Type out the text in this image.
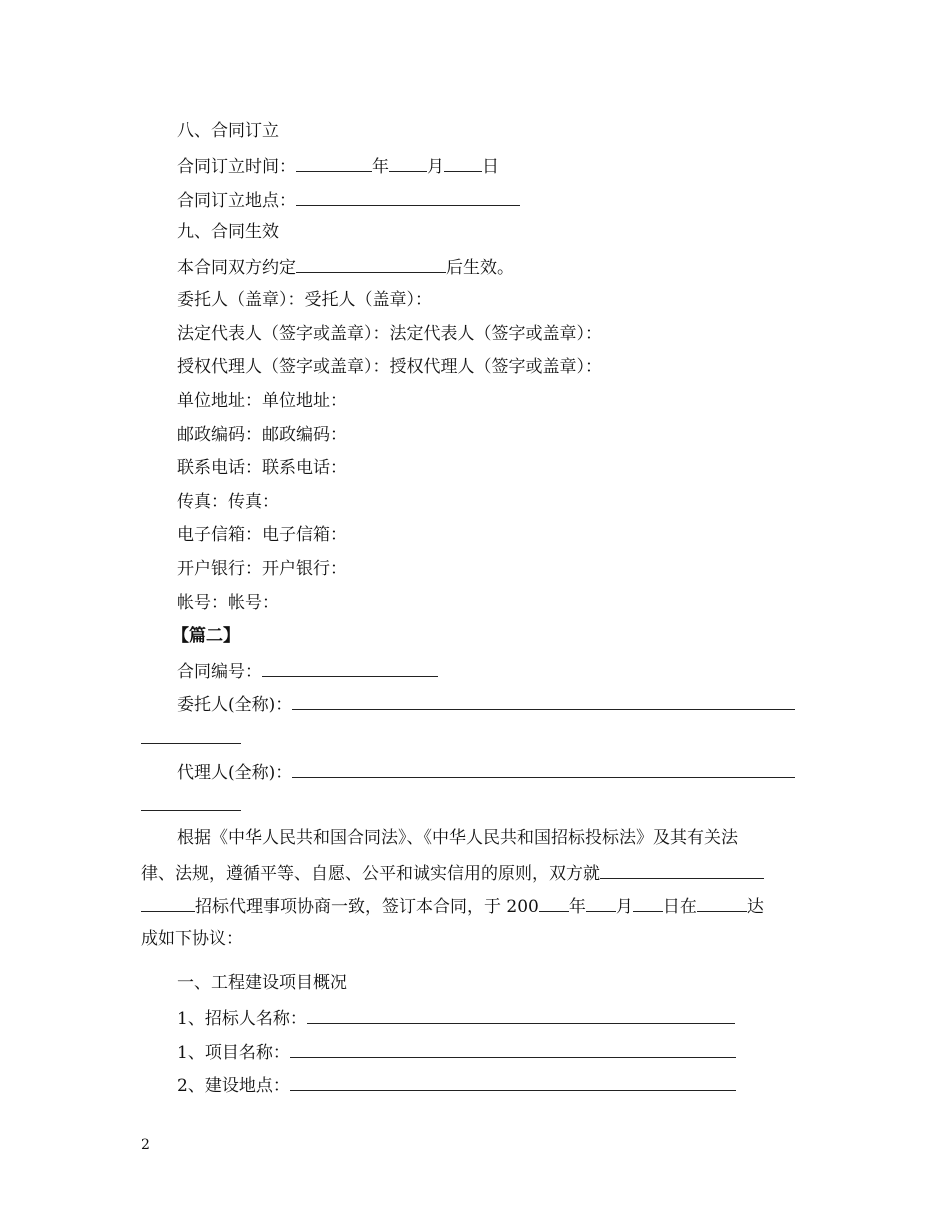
八、合同订立
合同订立时间：	年 月 日
合同订立地点：
九、合同生效
本合同双方约定	后生效。
委托人（盖章）：受托人（盖章）：
法定代表人（签字或盖章）：法定代表人（签字或盖章）：
授权代理人（签字或盖章）：授权代理人（签字或盖章）：
单位地址：单位地址：
邮政编码：邮政编码：
联系电话：联系电话：
传真：传真：
电子信箱：电子信箱：
开户银行：开户银行：
帐号：帐号：
【篇二】
合同编号：
委托人(全称)：
代理人(全称)：
根据《中华人民共和国合同法》、《中华人民共和国招标投标法》及其有关法
律、法规，遵循平等、自愿、公平和诚实信用的原则，双方就
招标代理事项协商一致，签订本合同，于 200 年 月 日在	达
成如下协议：
一、工程建设项目概况
1、招标人名称：
1、项目名称：
2、建设地点：
2
